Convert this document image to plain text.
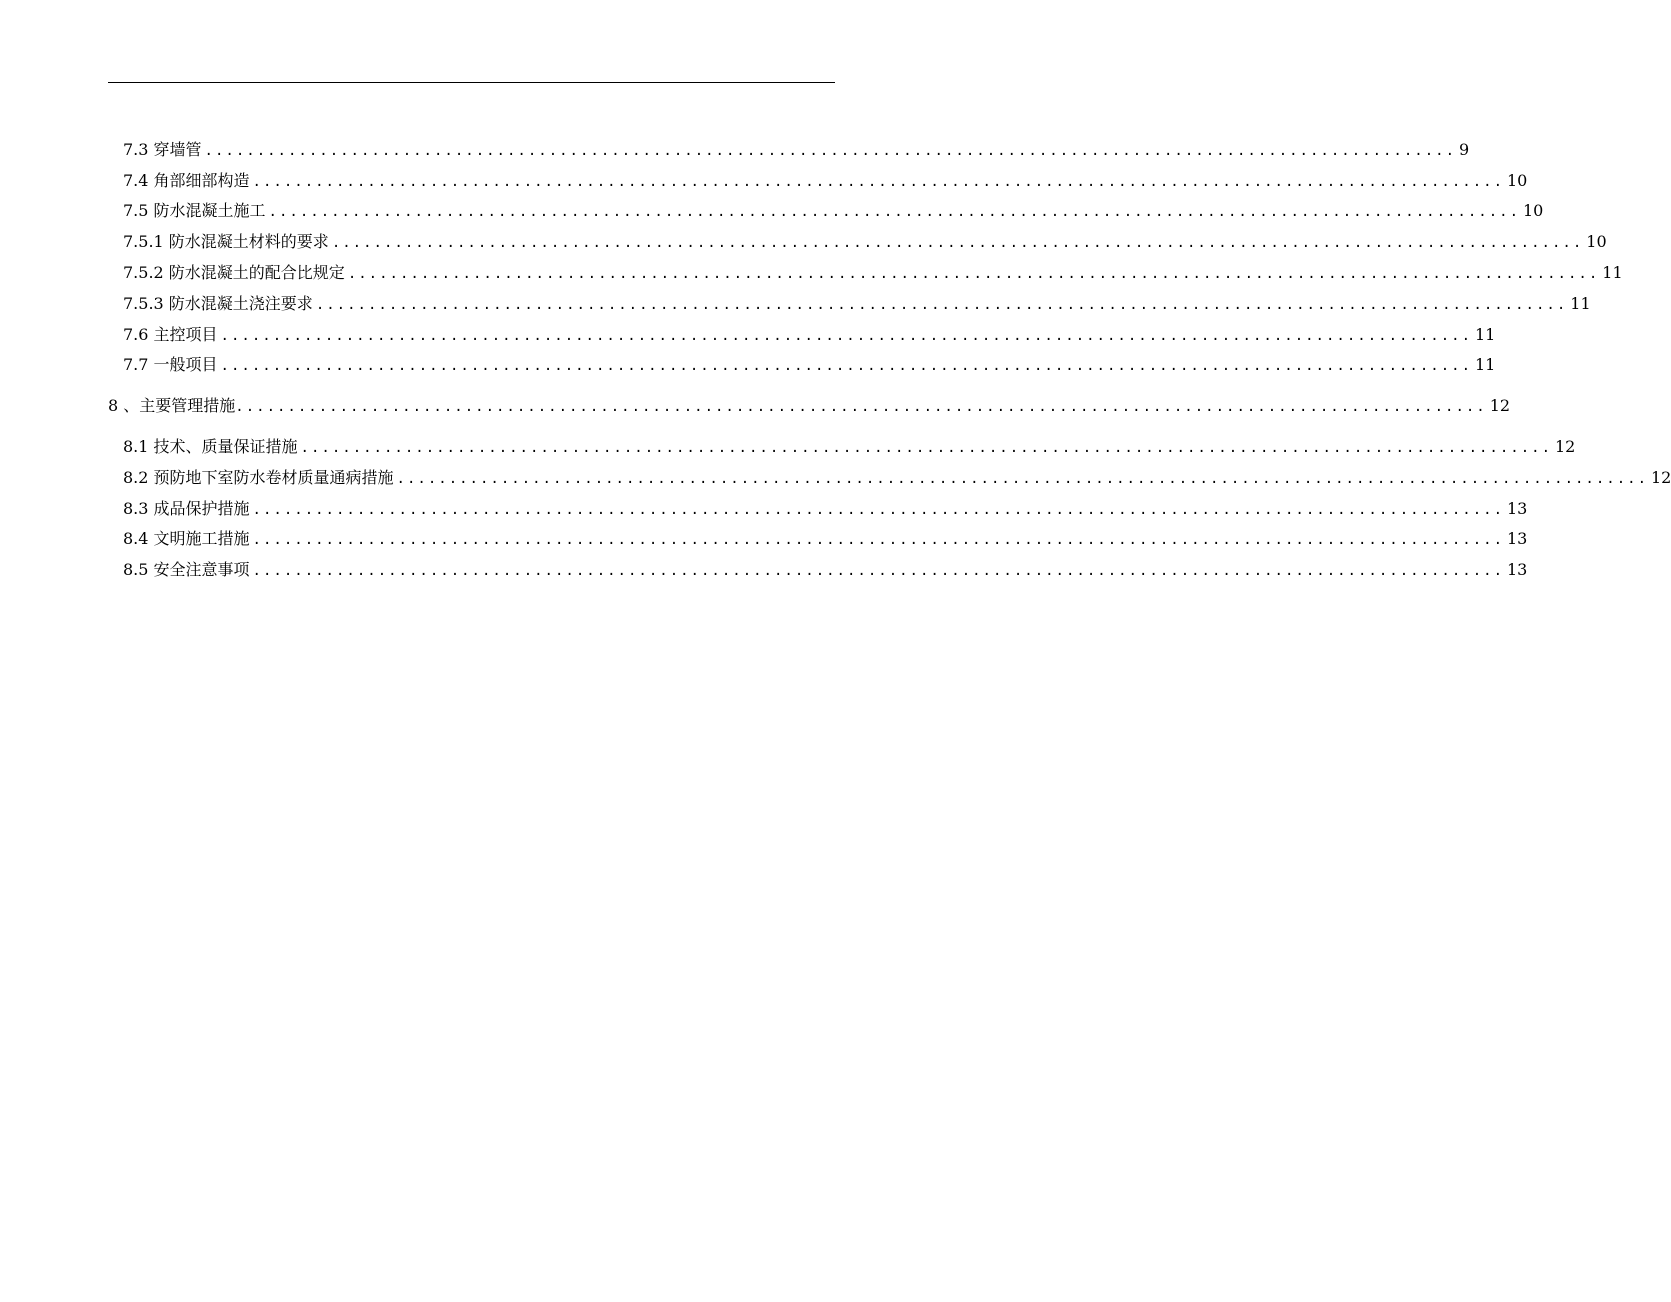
7.3 穿墙管 ........................................................................................................................ 9
7.4 角部细部构造 ........................................................................................................................ 10
7.5 防水混凝土施工 ........................................................................................................................ 10
7.5.1 防水混凝土材料的要求 ........................................................................................................................ 10
7.5.2 防水混凝土的配合比规定 ........................................................................................................................ 11
7.5.3 防水混凝土浇注要求 ........................................................................................................................ 11
7.6 主控项目 ........................................................................................................................ 11
7.7 一般项目 ........................................................................................................................ 11
8 、主要管理措施 ........................................................................................................................ 12
8.1 技术、质量保证措施 ........................................................................................................................ 12
8.2 预防地下室防水卷材质量通病措施 ........................................................................................................................ 12
8.3 成品保护措施 ........................................................................................................................ 13
8.4 文明施工措施 ........................................................................................................................ 13
8.5 安全注意事项 ........................................................................................................................ 13
